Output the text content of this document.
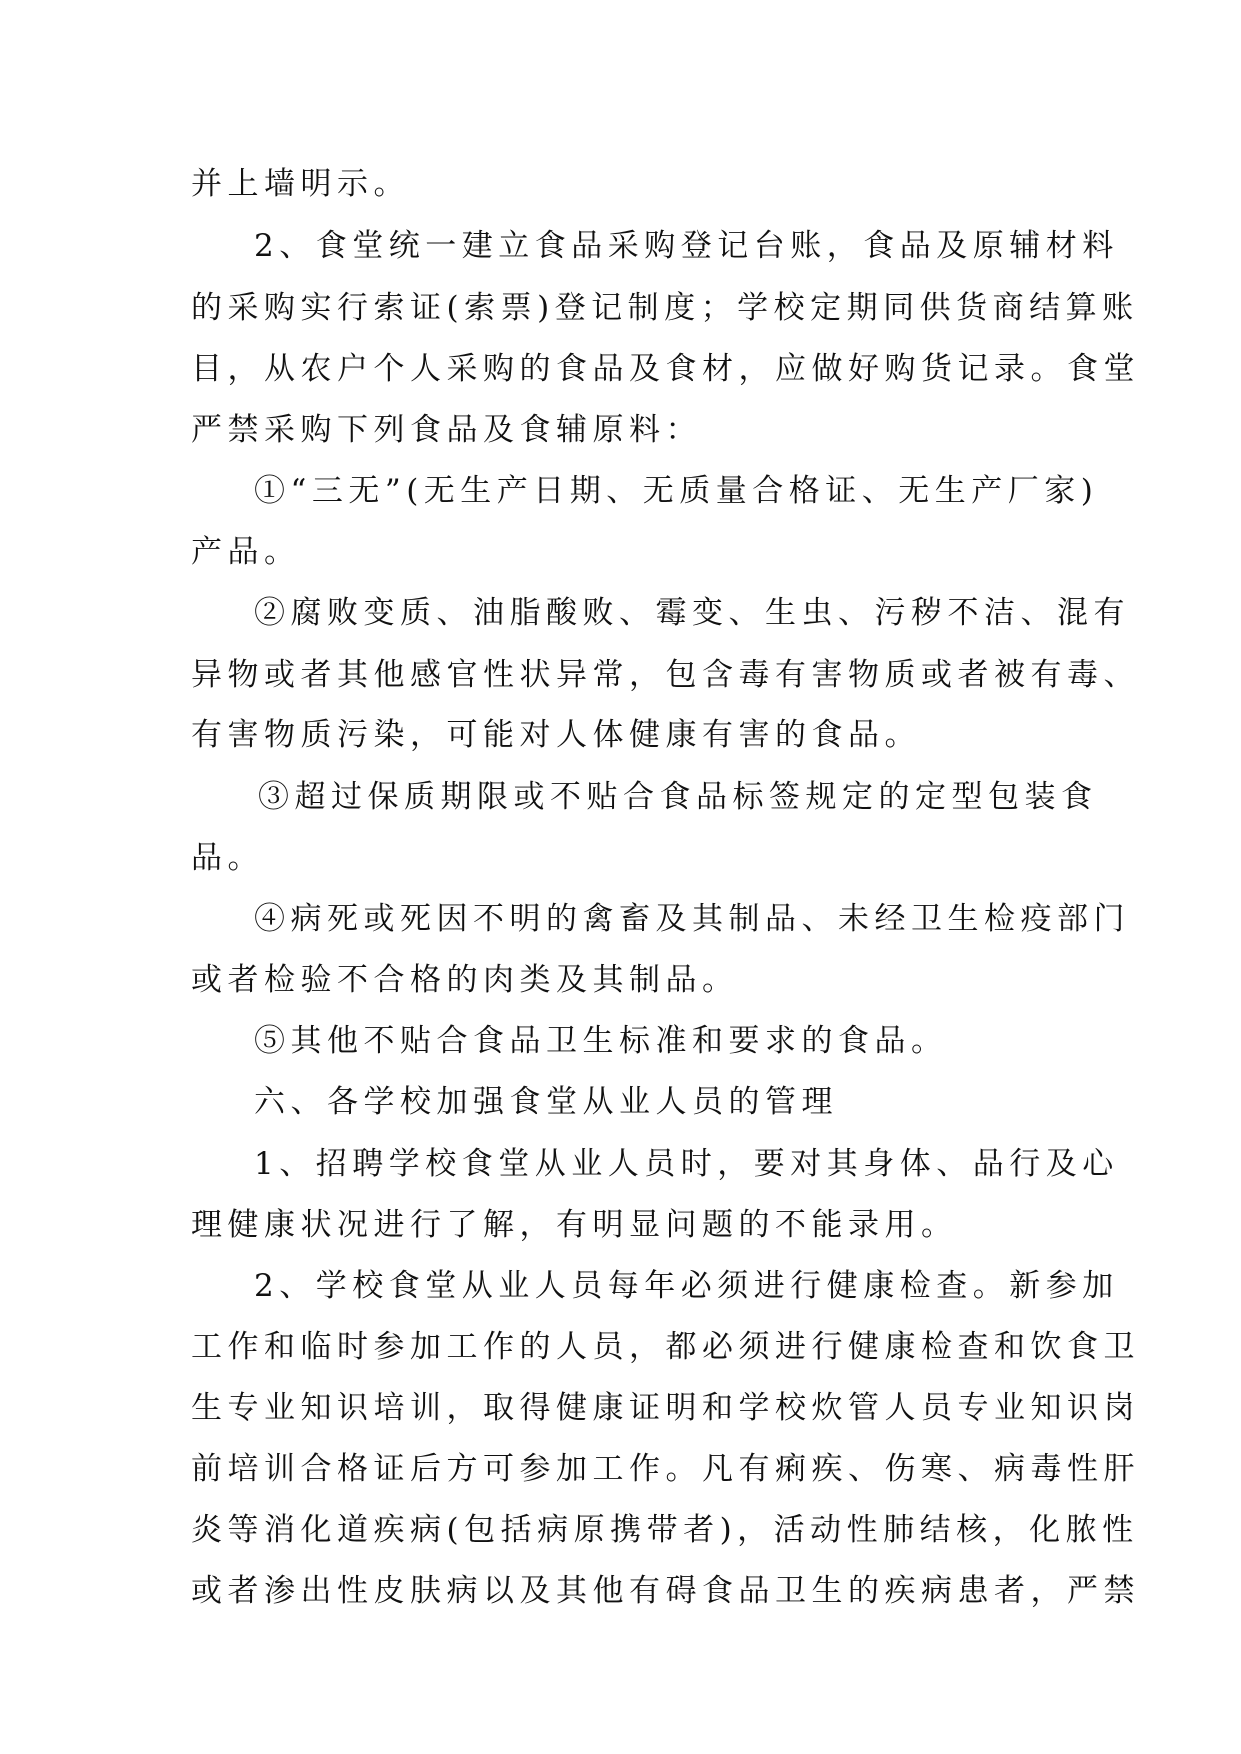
并上墙明示。
2、食堂统一建立食品采购登记台账，食品及原辅材料
的采购实行索证(索票)登记制度；学校定期同供货商结算账
目，从农户个人采购的食品及食材，应做好购货记录。食堂
严禁采购下列食品及食辅原料：
①“三无”(无生产日期、无质量合格证、无生产厂家)
产品。
②腐败变质、油脂酸败、霉变、生虫、污秽不洁、混有
异物或者其他感官性状异常，包含毒有害物质或者被有毒、
有害物质污染，可能对人体健康有害的食品。
③超过保质期限或不贴合食品标签规定的定型包装食
品。
④病死或死因不明的禽畜及其制品、未经卫生检疫部门
或者检验不合格的肉类及其制品。
⑤其他不贴合食品卫生标准和要求的食品。
六、各学校加强食堂从业人员的管理
1、招聘学校食堂从业人员时，要对其身体、品行及心
理健康状况进行了解，有明显问题的不能录用。
2、学校食堂从业人员每年必须进行健康检查。新参加
工作和临时参加工作的人员，都必须进行健康检查和饮食卫
生专业知识培训，取得健康证明和学校炊管人员专业知识岗
前培训合格证后方可参加工作。凡有痢疾、伤寒、病毒性肝
炎等消化道疾病(包括病原携带者)，活动性肺结核，化脓性
或者渗出性皮肤病以及其他有碍食品卫生的疾病患者，严禁
